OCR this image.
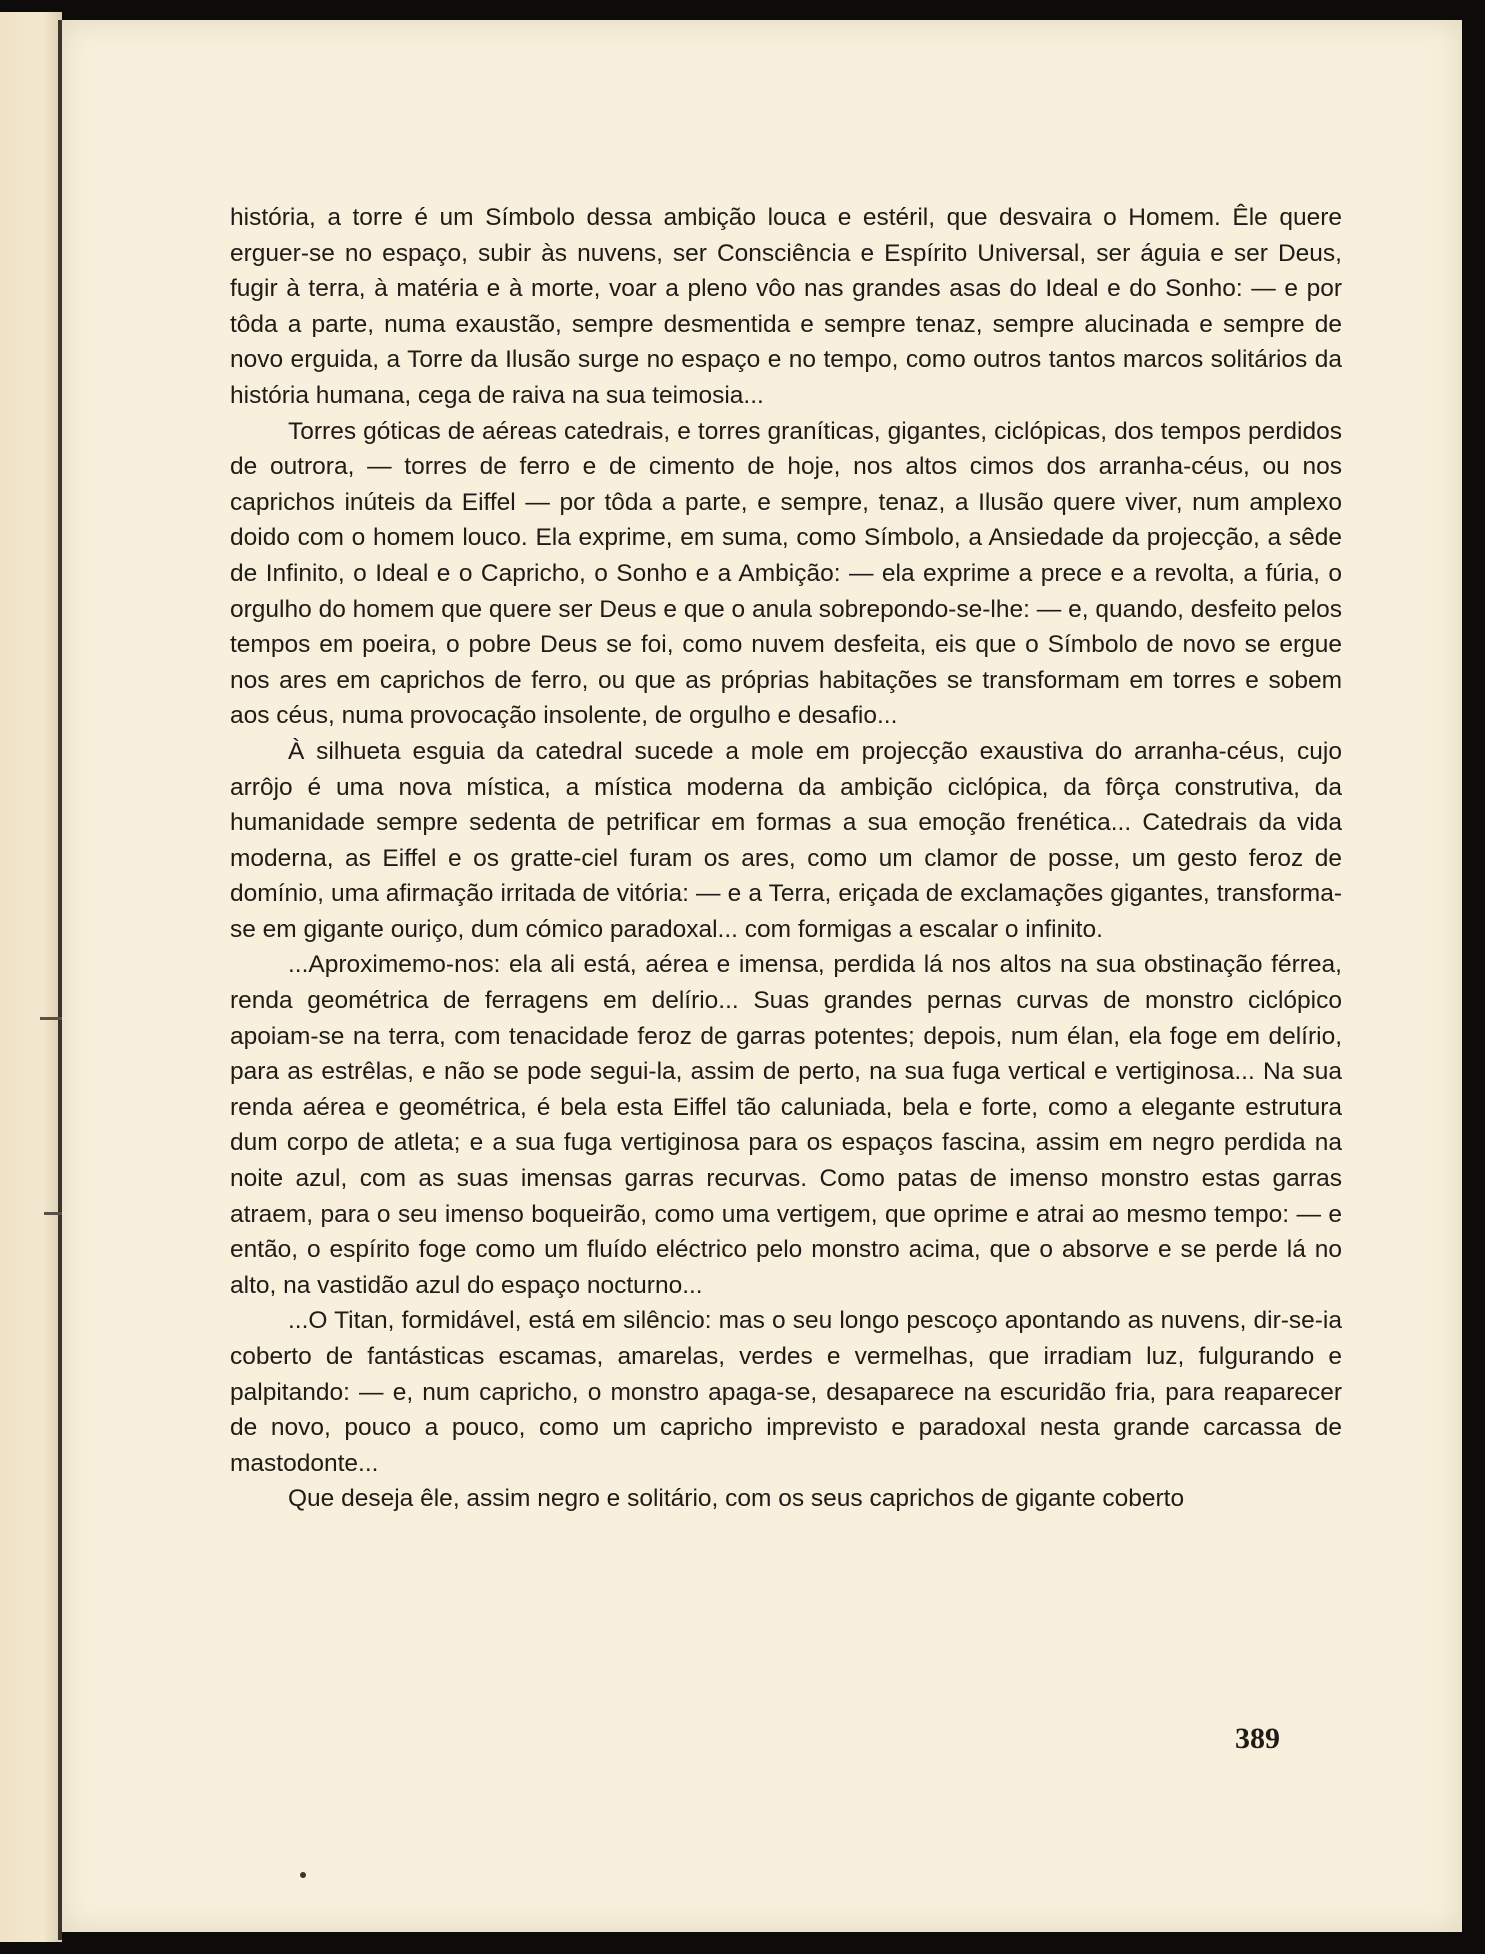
história, a torre é um Símbolo dessa ambição louca e estéril, que desvaira o Homem. Êle quere erguer-se no espaço, subir às nuvens, ser Consciência e Espírito Universal, ser águia e ser Deus, fugir à terra, à matéria e à morte, voar a pleno vôo nas grandes asas do Ideal e do Sonho: — e por tôda a parte, numa exaustão, sempre desmentida e sempre tenaz, sempre alucinada e sempre de novo erguida, a Torre da Ilusão surge no espaço e no tempo, como outros tantos marcos solitários da história humana, cega de raiva na sua teimosia...

Torres góticas de aéreas catedrais, e torres graníticas, gigantes, ciclópicas, dos tempos perdidos de outrora, — torres de ferro e de cimento de hoje, nos altos cimos dos arranha-céus, ou nos caprichos inúteis da Eiffel — por tôda a parte, e sempre, tenaz, a Ilusão quere viver, num amplexo doido com o homem louco. Ela exprime, em suma, como Símbolo, a Ansiedade da projecção, a sêde de Infinito, o Ideal e o Capricho, o Sonho e a Ambição: — ela exprime a prece e a revolta, a fúria, o orgulho do homem que quere ser Deus e que o anula sobrepondo-se-lhe: — e, quando, desfeito pelos tempos em poeira, o pobre Deus se foi, como nuvem desfeita, eis que o Símbolo de novo se ergue nos ares em caprichos de ferro, ou que as próprias habitações se transformam em torres e sobem aos céus, numa provocação insolente, de orgulho e desafio...

À silhueta esguia da catedral sucede a mole em projecção exaustiva do arranha-céus, cujo arrôjo é uma nova mística, a mística moderna da ambição ciclópica, da fôrça construtiva, da humanidade sempre sedenta de petrificar em formas a sua emoção frenética... Catedrais da vida moderna, as Eiffel e os gratte-ciel furam os ares, como um clamor de posse, um gesto feroz de domínio, uma afirmação irritada de vitória: — e a Terra, eriçada de exclamações gigantes, transforma-se em gigante ouriço, dum cómico paradoxal... com formigas a escalar o infinito.

...Aproximemo-nos: ela ali está, aérea e imensa, perdida lá nos altos na sua obstinação férrea, renda geométrica de ferragens em delírio... Suas grandes pernas curvas de monstro ciclópico apoiam-se na terra, com tenacidade feroz de garras potentes; depois, num élan, ela foge em delírio, para as estrêlas, e não se pode segui-la, assim de perto, na sua fuga vertical e vertiginosa... Na sua renda aérea e geométrica, é bela esta Eiffel tão caluniada, bela e forte, como a elegante estrutura dum corpo de atleta; e a sua fuga vertiginosa para os espaços fascina, assim em negro perdida na noite azul, com as suas imensas garras recurvas. Como patas de imenso monstro estas garras atraem, para o seu imenso boqueirão, como uma vertigem, que oprime e atrai ao mesmo tempo: — e então, o espírito foge como um fluído eléctrico pelo monstro acima, que o absorve e se perde lá no alto, na vastidão azul do espaço nocturno...

...O Titan, formidável, está em silêncio: mas o seu longo pescoço apontando as nuvens, dir-se-ia coberto de fantásticas escamas, amarelas, verdes e vermelhas, que irradiam luz, fulgurando e palpitando: — e, num capricho, o monstro apaga-se, desaparece na escuridão fria, para reaparecer de novo, pouco a pouco, como um capricho imprevisto e paradoxal nesta grande carcassa de mastodonte...

Que deseja êle, assim negro e solitário, com os seus caprichos de gigante coberto

389
